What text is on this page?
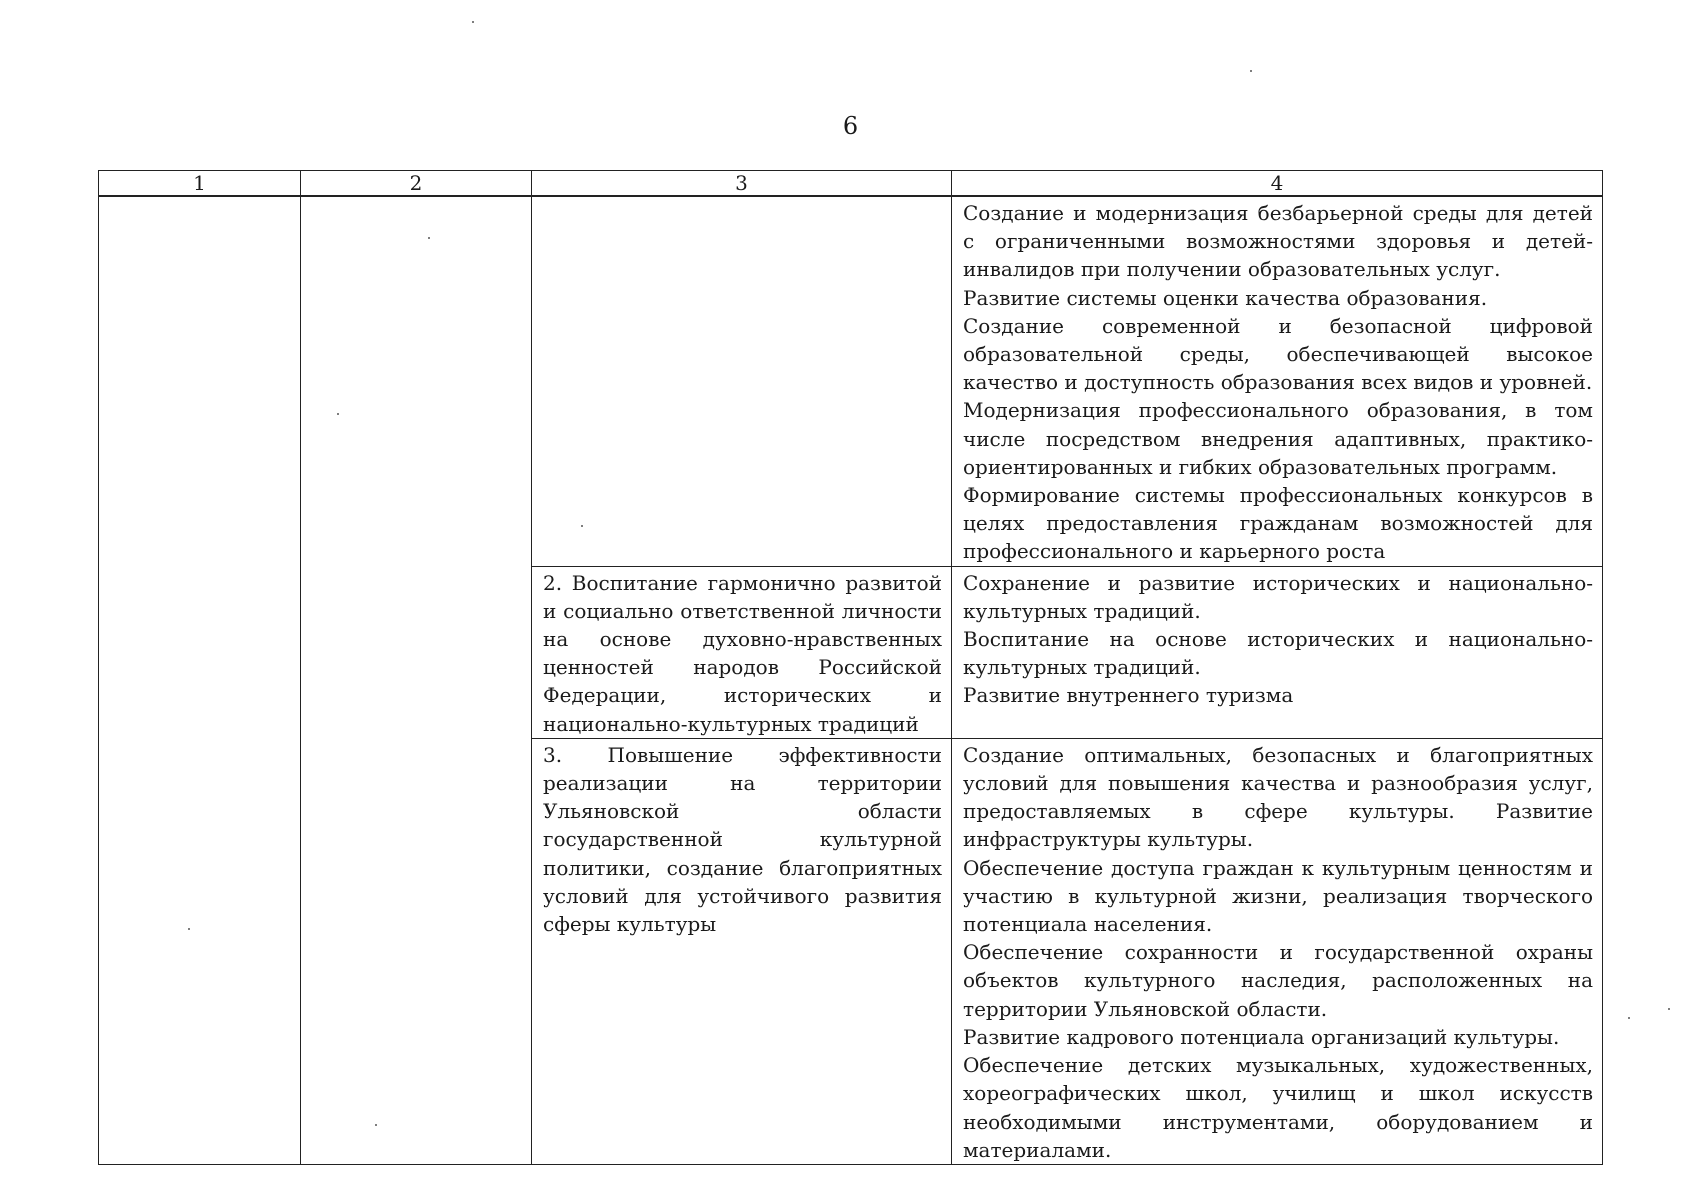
6
1	2	3	4

			Создание и модернизация безбарьерной среды для детей с ограниченными возможностями здоровья и детей-инвалидов при получении образовательных услуг.

Развитие системы оценки качества образования.

Создание современной и безопасной цифровой образовательной среды, обеспечивающей высокое качество и доступность образования всех видов и уровней.

Модернизация профессионального образования, в том числе посредством внедрения адаптивных, практико-ориентированных и гибких образовательных программ.

Формирование системы профессиональных конкурсов в целях предоставления гражданам возможностей для профессионального и карьерного роста

		2. Воспитание гармонично развитой и социально ответственной личности на основе духовно-нравственных ценностей народов Российской Федерации, исторических и национально-культурных традиций	Сохранение и развитие исторических и национально-культурных традиций.

Воспитание на основе исторических и национально-культурных традиций.

Развитие внутреннего туризма

		3. Повышение эффективности реализации на территории Ульяновской области государственной культурной политики, создание благоприятных условий для устойчивого развития сферы культуры	Создание оптимальных, безопасных и благоприятных условий для повышения качества и разнообразия услуг, предоставляемых в сфере культуры. Развитие инфраструктуры культуры.

Обеспечение доступа граждан к культурным ценностям и участию в культурной жизни, реализация творческого потенциала населения.

Обеспечение сохранности и государственной охраны объектов культурного наследия, расположенных на территории Ульяновской области.

Развитие кадрового потенциала организаций культуры.

Обеспечение детских музыкальных, художественных, хореографических школ, училищ и школ искусств необходимыми инструментами, оборудованием и материалами.
